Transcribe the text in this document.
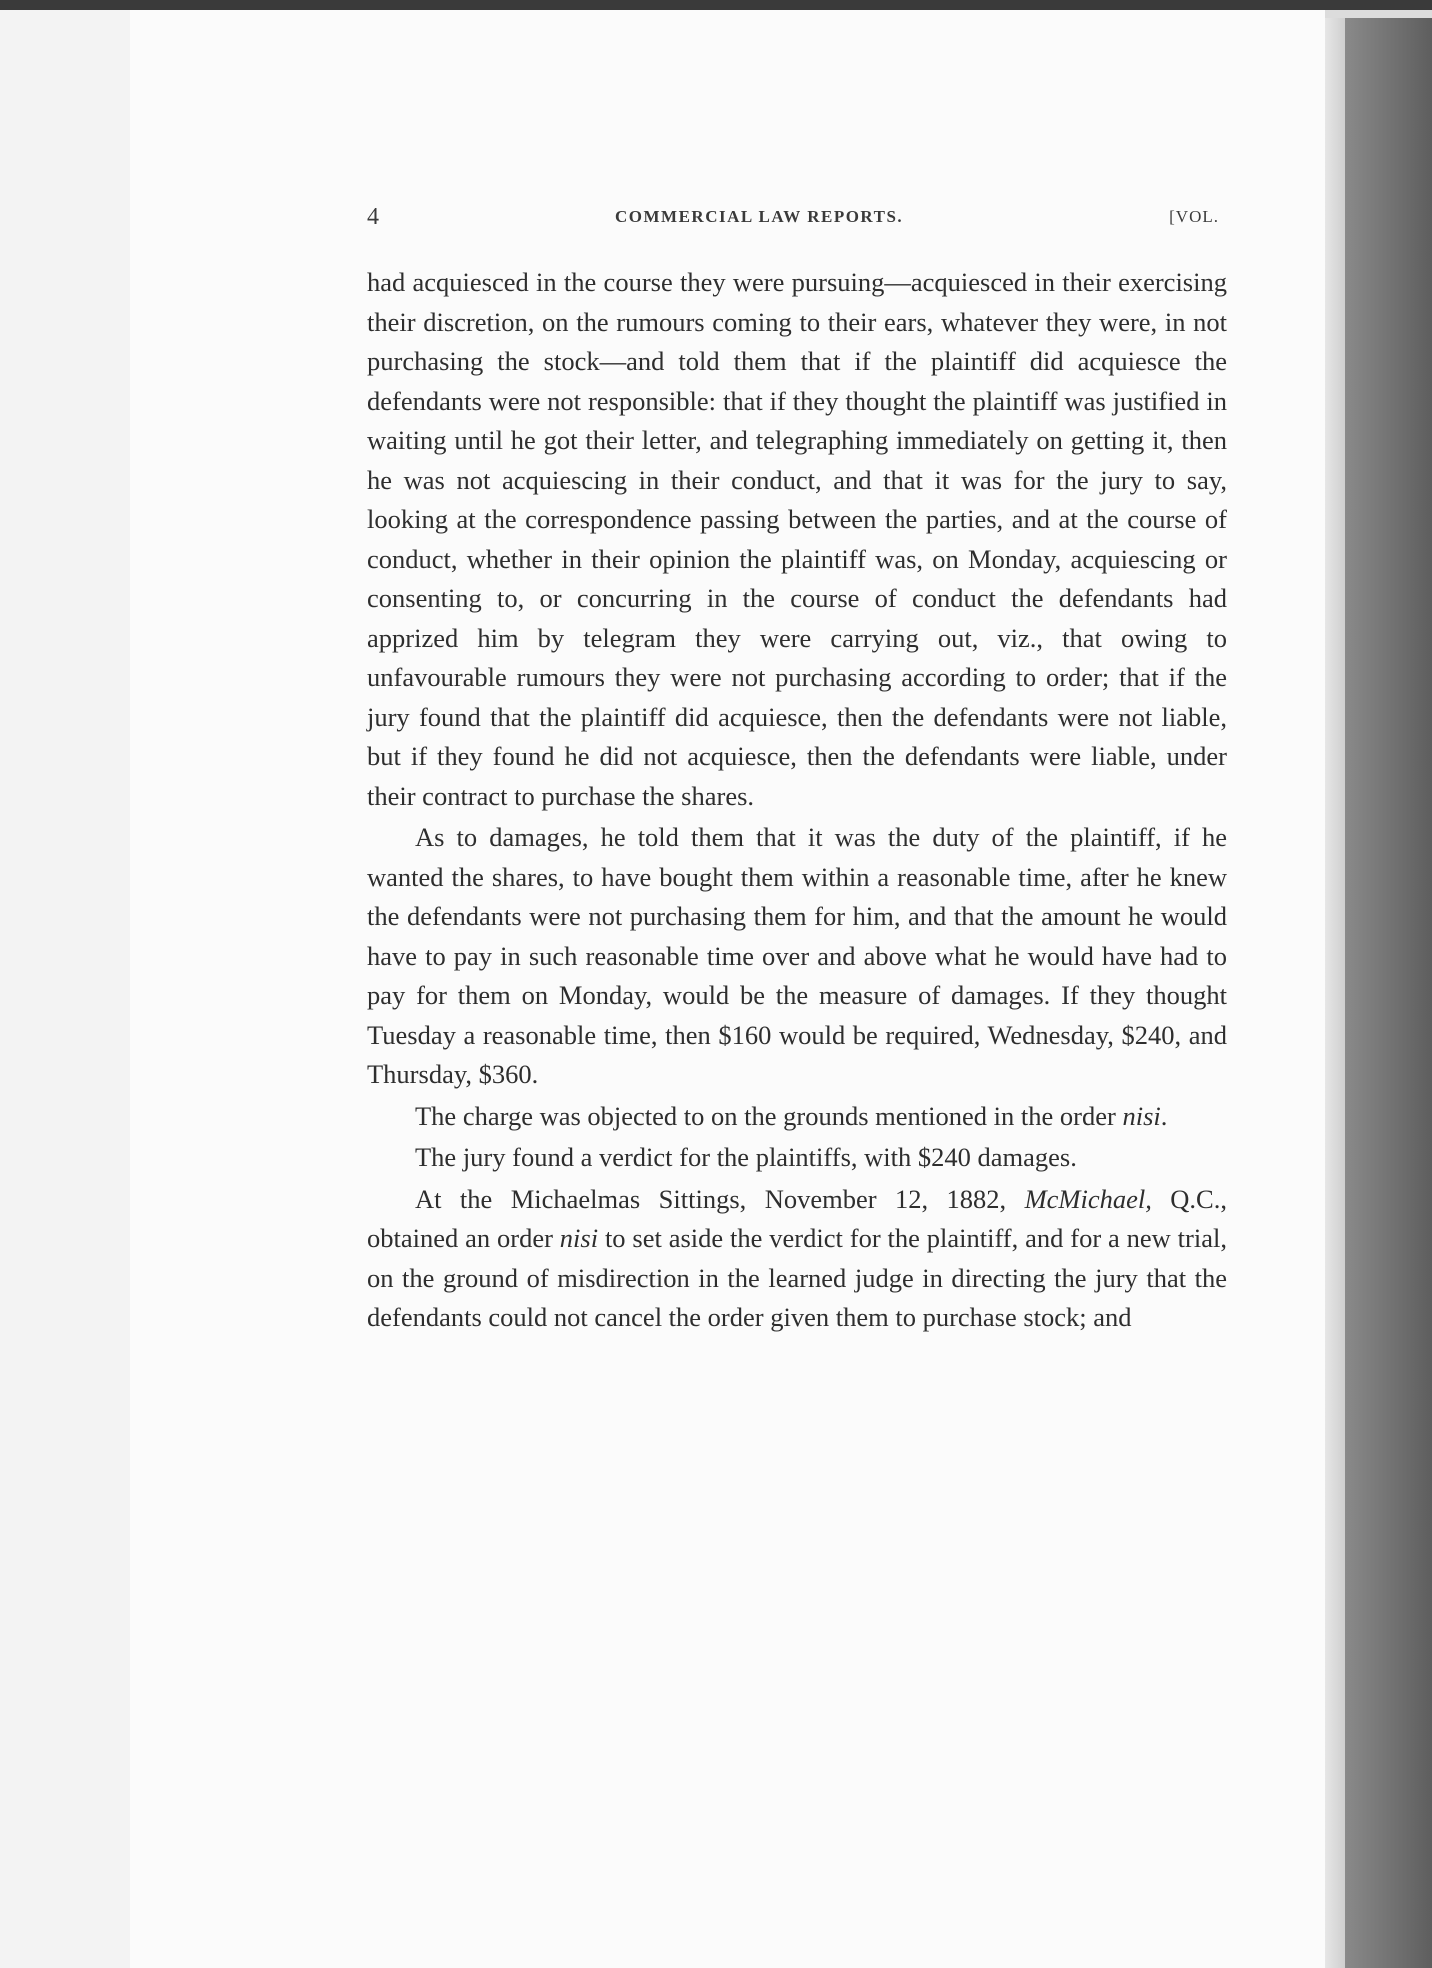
4	COMMERCIAL LAW REPORTS.	[VOL.

had acquiesced in the course they were pursuing—acquiesced in their exercising their discretion, on the rumours coming to their ears, whatever they were, in not purchasing the stock—and told them that if the plaintiff did acquiesce the defendants were not responsible: that if they thought the plaintiff was justified in waiting until he got their letter, and telegraphing immediately on getting it, then he was not acquiescing in their conduct, and that it was for the jury to say, looking at the correspondence passing between the parties, and at the course of conduct, whether in their opinion the plaintiff was, on Monday, acquiescing or consenting to, or concurring in the course of conduct the defendants had apprized him by telegram they were carrying out, viz., that owing to unfavourable rumours they were not purchasing according to order; that if the jury found that the plaintiff did acquiesce, then the defendants were not liable, but if they found he did not acquiesce, then the defendants were liable, under their contract to purchase the shares.

As to damages, he told them that it was the duty of the plaintiff, if he wanted the shares, to have bought them within a reasonable time, after he knew the defendants were not purchasing them for him, and that the amount he would have to pay in such reasonable time over and above what he would have had to pay for them on Monday, would be the measure of damages. If they thought Tuesday a reasonable time, then $160 would be required, Wednesday, $240, and Thursday, $360.

The charge was objected to on the grounds mentioned in the order nisi.

The jury found a verdict for the plaintiffs, with $240 damages.

At the Michaelmas Sittings, November 12, 1882, McMichael, Q.C., obtained an order nisi to set aside the verdict for the plaintiff, and for a new trial, on the ground of misdirection in the learned judge in directing the jury that the defendants could not cancel the order given them to purchase stock; and
